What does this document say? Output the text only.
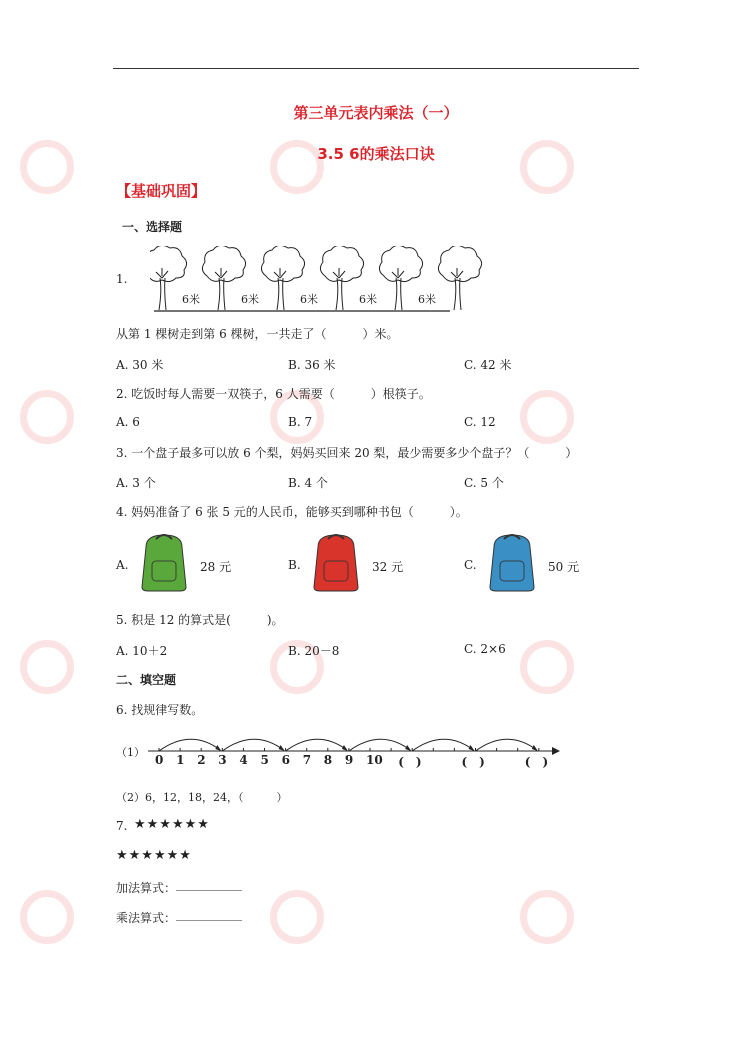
第三单元表内乘法（一）
3.5 6的乘法口诀
【基础巩固】
一、选择题
1.
6米	6米	6米	6米	6米
从第 1 棵树走到第 6 棵树，一共走了（　　　）米。
A. 30 米	B. 36 米	C. 42 米
2. 吃饭时每人需要一双筷子，6 人需要（　　　）根筷子。
A. 6	B. 7	C. 12
3. 一个盘子最多可以放 6 个梨，妈妈买回来 20 梨，最少需要多少个盘子？（　　　）
A. 3 个	B. 4 个	C. 5 个
4. 妈妈准备了 6 张 5 元的人民币，能够买到哪种书包（　　　）。
A.	28 元	B.	32 元	C.	50 元
5. 积是 12 的算式是(　　　)。
A. 10＋2	B. 20－8	C. 2×6
二、填空题
6. 找规律写数。
（1）
0 1 2 3 4 5 6 7 8 9 10 (　)	(　)	(　)
（2）6，12，18，24，（　　　）
7. ★★★★★★
★★★★★★
加法算式： ___________
乘法算式： ___________
